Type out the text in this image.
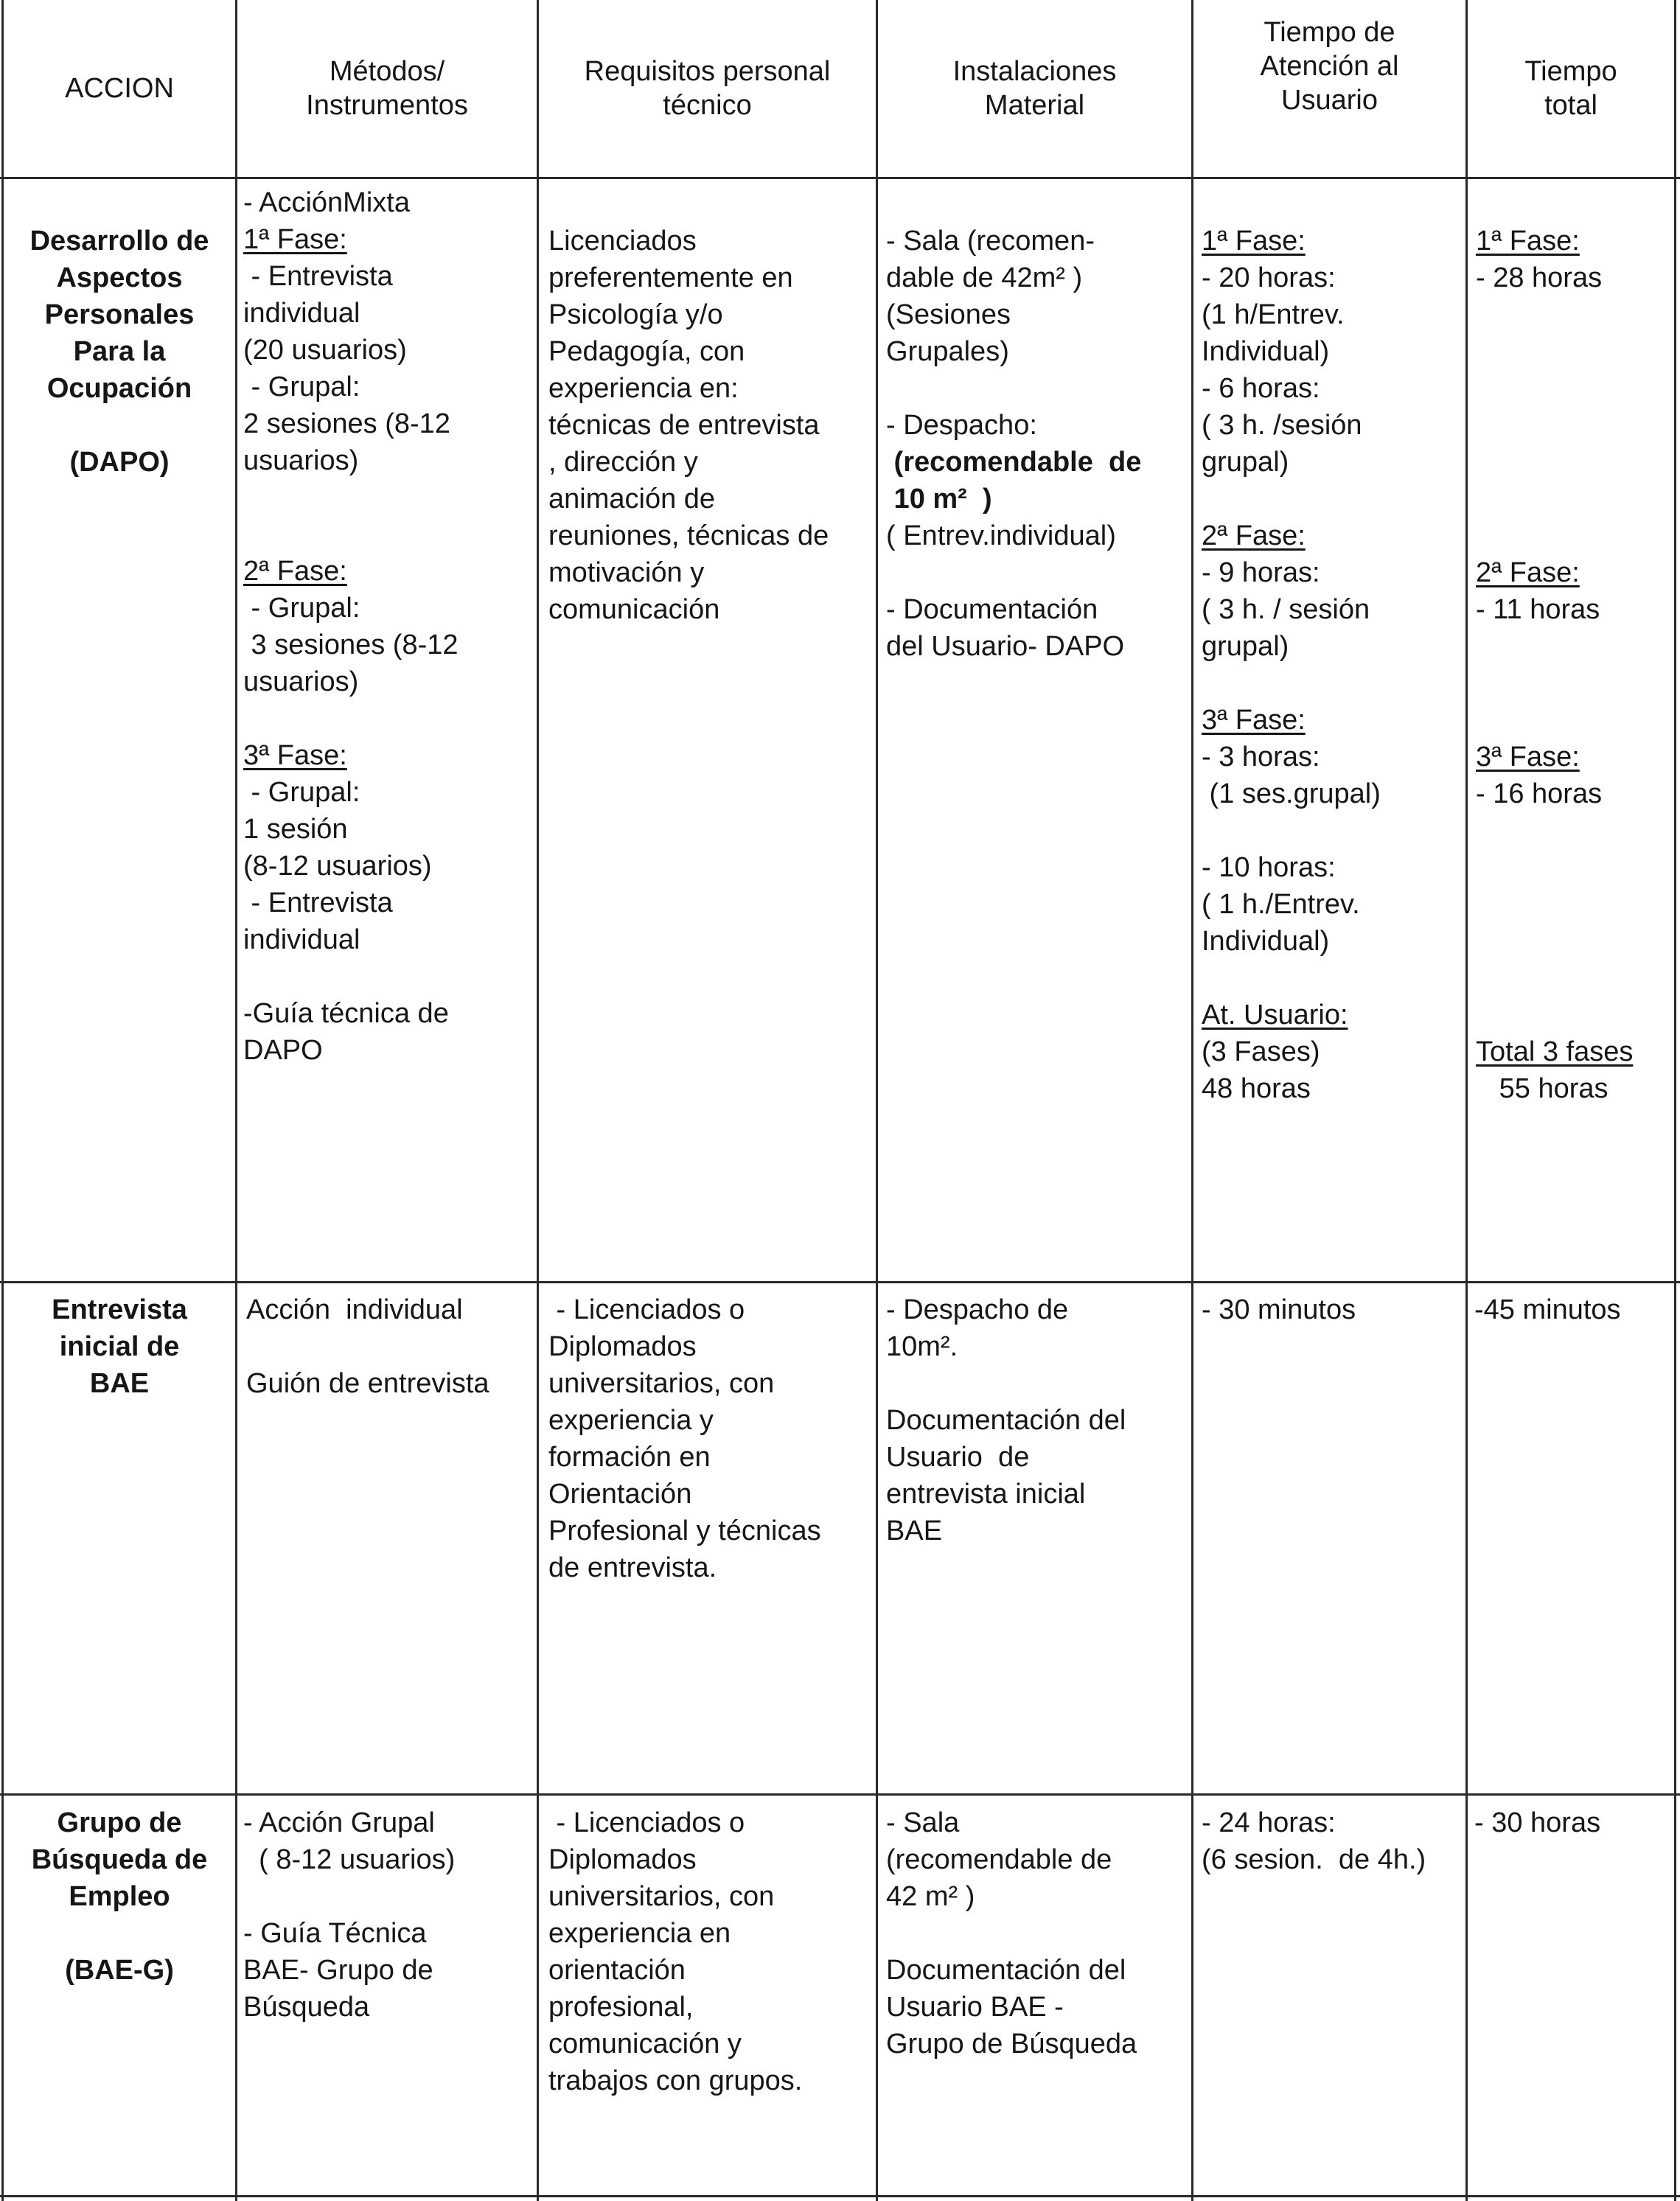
ACCION
Métodos/
Instrumentos
Requisitos personal
técnico
Instalaciones
Material
Tiempo de
Atención al
Usuario
Tiempo
total
Desarrollo de
Aspectos
Personales
Para la
Ocupación
(DAPO)
- AcciónMixta
1ª Fase:
- Entrevista
individual
(20 usuarios)
- Grupal:
2 sesiones (8-12
usuarios)
2ª Fase:
- Grupal:
3 sesiones (8-12
usuarios)
3ª Fase:
- Grupal:
1 sesión
(8-12 usuarios)
- Entrevista
individual
-Guía técnica de
DAPO
Licenciados
preferentemente en
Psicología y/o
Pedagogía, con
experiencia en:
técnicas de entrevista
, dirección y
animación de
reuniones, técnicas de
motivación y
comunicación
- Sala (recomen-
dable de 42m² )
(Sesiones
Grupales)
- Despacho:
(recomendable  de
10 m²  )
( Entrev.individual)
- Documentación
del Usuario- DAPO
1ª Fase:
- 20 horas:
(1 h/Entrev.
Individual)
- 6 horas:
( 3 h. /sesión
grupal)
2ª Fase:
- 9 horas:
( 3 h. / sesión
grupal)
3ª Fase:
- 3 horas:
(1 ses.grupal)
- 10 horas:
( 1 h./Entrev.
Individual)
At. Usuario:
(3 Fases)
48 horas
1ª Fase:
- 28 horas
2ª Fase:
- 11 horas
3ª Fase:
- 16 horas
Total 3 fases
55 horas
Entrevista
inicial de
BAE
Acción  individual
Guión de entrevista
- Licenciados o
Diplomados
universitarios, con
experiencia y
formación en
Orientación
Profesional y técnicas
de entrevista.
- Despacho de
10m².
Documentación del
Usuario  de
entrevista inicial
BAE
- 30 minutos	-45 minutos
Grupo de
Búsqueda de
Empleo
(BAE-G)
- Acción Grupal
( 8-12 usuarios)
- Guía Técnica
BAE- Grupo de
Búsqueda
- Licenciados o
Diplomados
universitarios, con
experiencia en
orientación
profesional,
comunicación y
trabajos con grupos.
- Sala
(recomendable de
42 m² )
Documentación del
Usuario BAE -
Grupo de Búsqueda
- 24 horas:
(6 sesion.  de 4h.)
- 30 horas
